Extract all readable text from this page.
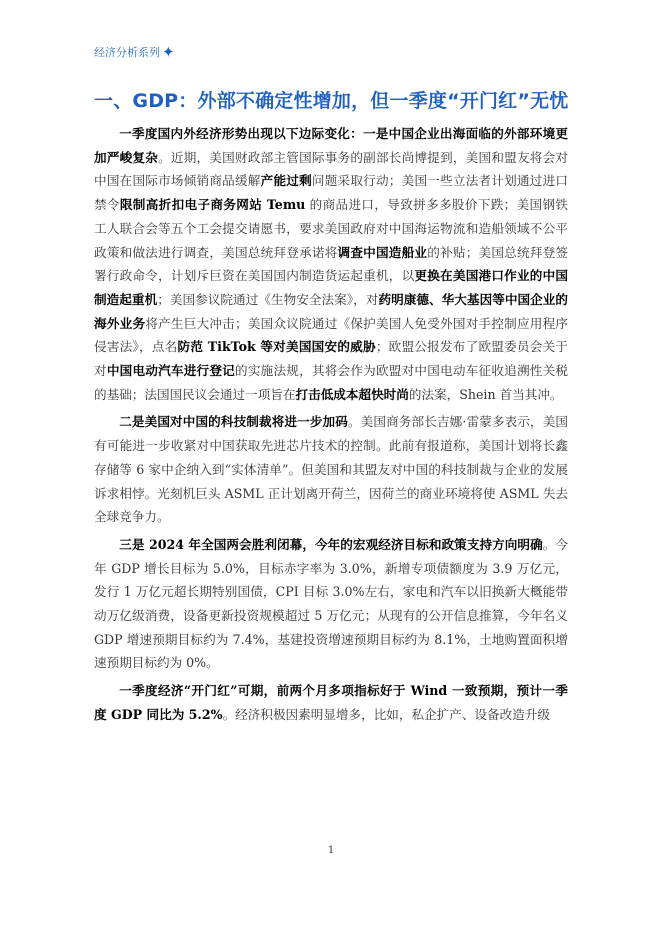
经济分析系列 ✦
一、GDP：外部不确定性增加，但一季度“开门红”无忧

一季度国内外经济形势出现以下边际变化：一是中国企业出海面临的外部环境更加严峻复杂。近期，美国财政部主管国际事务的副部长尚博提到，美国和盟友将会对中国在国际市场倾销商品缓解产能过剩问题采取行动；美国一些立法者计划通过进口禁令限制高折扣电子商务网站 Temu 的商品进口，导致拼多多股价下跌；美国钢铁工人联合会等五个工会提交请愿书，要求美国政府对中国海运物流和造船领域不公平政策和做法进行调查，美国总统拜登承诺将调查中国造船业的补贴；美国总统拜登签署行政命令，计划斥巨资在美国国内制造货运起重机，以更换在美国港口作业的中国制造起重机；美国参议院通过《生物安全法案》，对药明康德、华大基因等中国企业的海外业务将产生巨大冲击；美国众议院通过《保护美国人免受外国对手控制应用程序侵害法》，点名防范 TikTok 等对美国国安的威胁；欧盟公报发布了欧盟委员会关于对中国电动汽车进行登记的实施法规，其将会作为欧盟对中国电动车征收追溯性关税的基础；法国国民议会通过一项旨在打击低成本超快时尚的法案，Shein 首当其冲。

二是美国对中国的科技制裁将进一步加码。美国商务部长吉娜·雷蒙多表示，美国有可能进一步收紧对中国获取先进芯片技术的控制。此前有报道称，美国计划将长鑫存储等 6 家中企纳入到“实体清单”。但美国和其盟友对中国的科技制裁与企业的发展诉求相悖。光刻机巨头 ASML 正计划离开荷兰，因荷兰的商业环境将使 ASML 失去全球竞争力。

三是 2024 年全国两会胜利闭幕，今年的宏观经济目标和政策支持方向明确。今年 GDP 增长目标为 5.0%，目标赤字率为 3.0%，新增专项债额度为 3.9 万亿元，发行 1 万亿元超长期特别国债，CPI 目标 3.0%左右，家电和汽车以旧换新大概能带动万亿级消费，设备更新投资规模超过 5 万亿元；从现有的公开信息推算，今年名义 GDP 增速预期目标约为 7.4%，基建投资增速预期目标约为 8.1%，土地购置面积增速预期目标约为 0%。

一季度经济“开门红”可期，前两个月多项指标好于 Wind 一致预期，预计一季度 GDP 同比为 5.2%。经济积极因素明显增多，比如，私企扩产、设备改造升级

1
